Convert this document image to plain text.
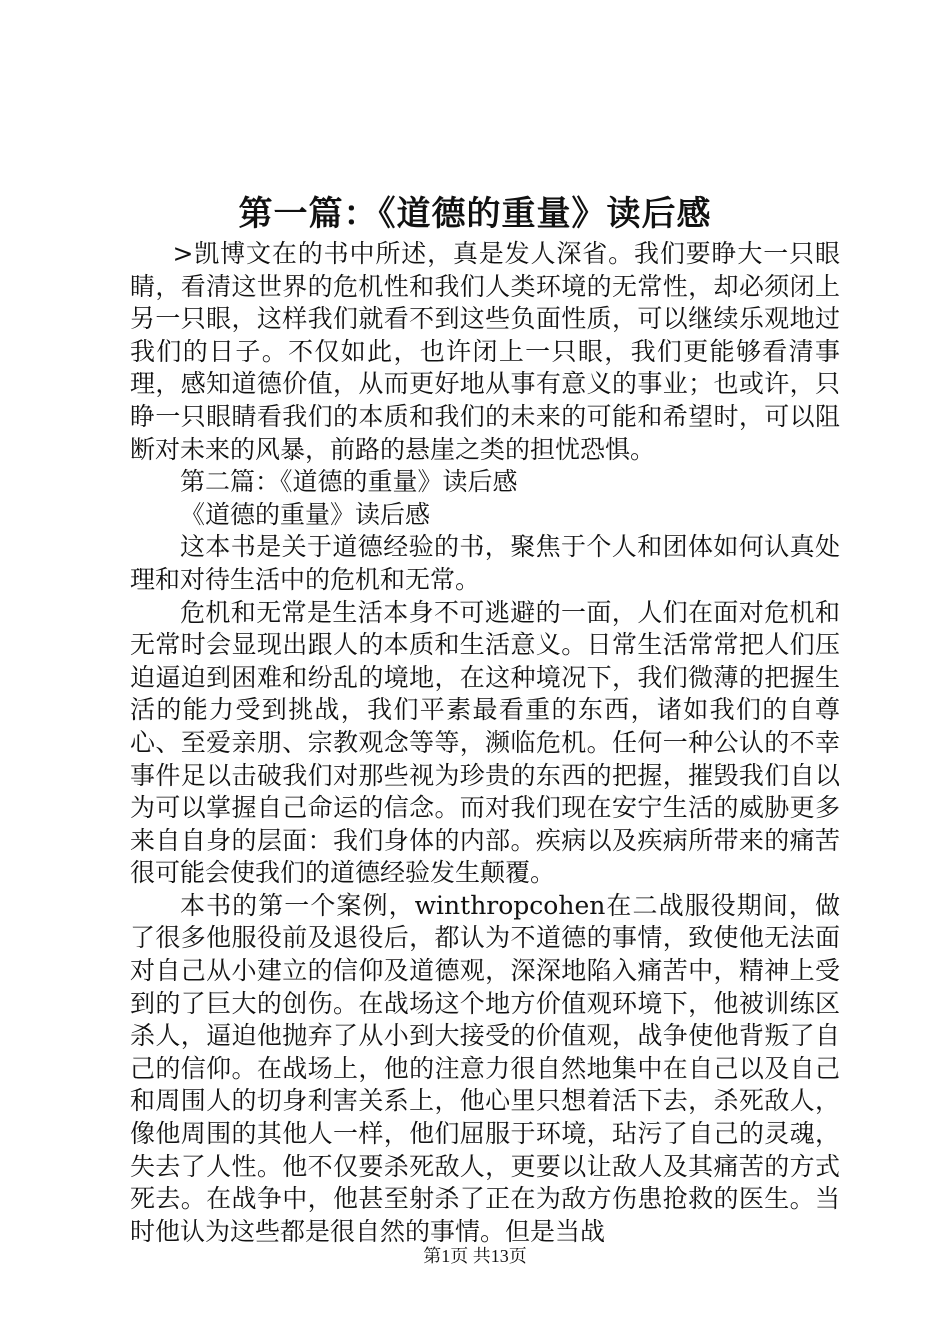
第一篇：《道德的重量》读后感

>凯博文在的书中所述，真是发人深省。我们要睁大一只眼睛，看清这世界的危机性和我们人类环境的无常性，却必须闭上另一只眼，这样我们就看不到这些负面性质，可以继续乐观地过我们的日子。不仅如此，也许闭上一只眼，我们更能够看清事理，感知道德价值，从而更好地从事有意义的事业；也或许，只睁一只眼睛看我们的本质和我们的未来的可能和希望时，可以阻断对未来的风暴，前路的悬崖之类的担忧恐惧。

第二篇：《道德的重量》读后感

《道德的重量》读后感

这本书是关于道德经验的书，聚焦于个人和团体如何认真处理和对待生活中的危机和无常。

危机和无常是生活本身不可逃避的一面，人们在面对危机和无常时会显现出跟人的本质和生活意义。日常生活常常把人们压迫逼迫到困难和纷乱的境地，在这种境况下，我们微薄的把握生活的能力受到挑战，我们平素最看重的东西，诸如我们的自尊心、至爱亲朋、宗教观念等等，濒临危机。任何一种公认的不幸事件足以击破我们对那些视为珍贵的东西的把握，摧毁我们自以为可以掌握自己命运的信念。而对我们现在安宁生活的威胁更多来自自身的层面：我们身体的内部。疾病以及疾病所带来的痛苦很可能会使我们的道德经验发生颠覆。

本书的第一个案例，winthropcohen在二战服役期间，做了很多他服役前及退役后，都认为不道德的事情，致使他无法面对自己从小建立的信仰及道德观，深深地陷入痛苦中，精神上受到的了巨大的创伤。在战场这个地方价值观环境下，他被训练区杀人，逼迫他抛弃了从小到大接受的价值观，战争使他背叛了自己的信仰。在战场上，他的注意力很自然地集中在自己以及自己和周围人的切身利害关系上，他心里只想着活下去，杀死敌人，像他周围的其他人一样，他们屈服于环境，玷污了自己的灵魂，失去了人性。他不仅要杀死敌人，更要以让敌人及其痛苦的方式死去。在战争中，他甚至射杀了正在为敌方伤患抢救的医生。当时他认为这些都是很自然的事情。但是当战

第1页 共13页
